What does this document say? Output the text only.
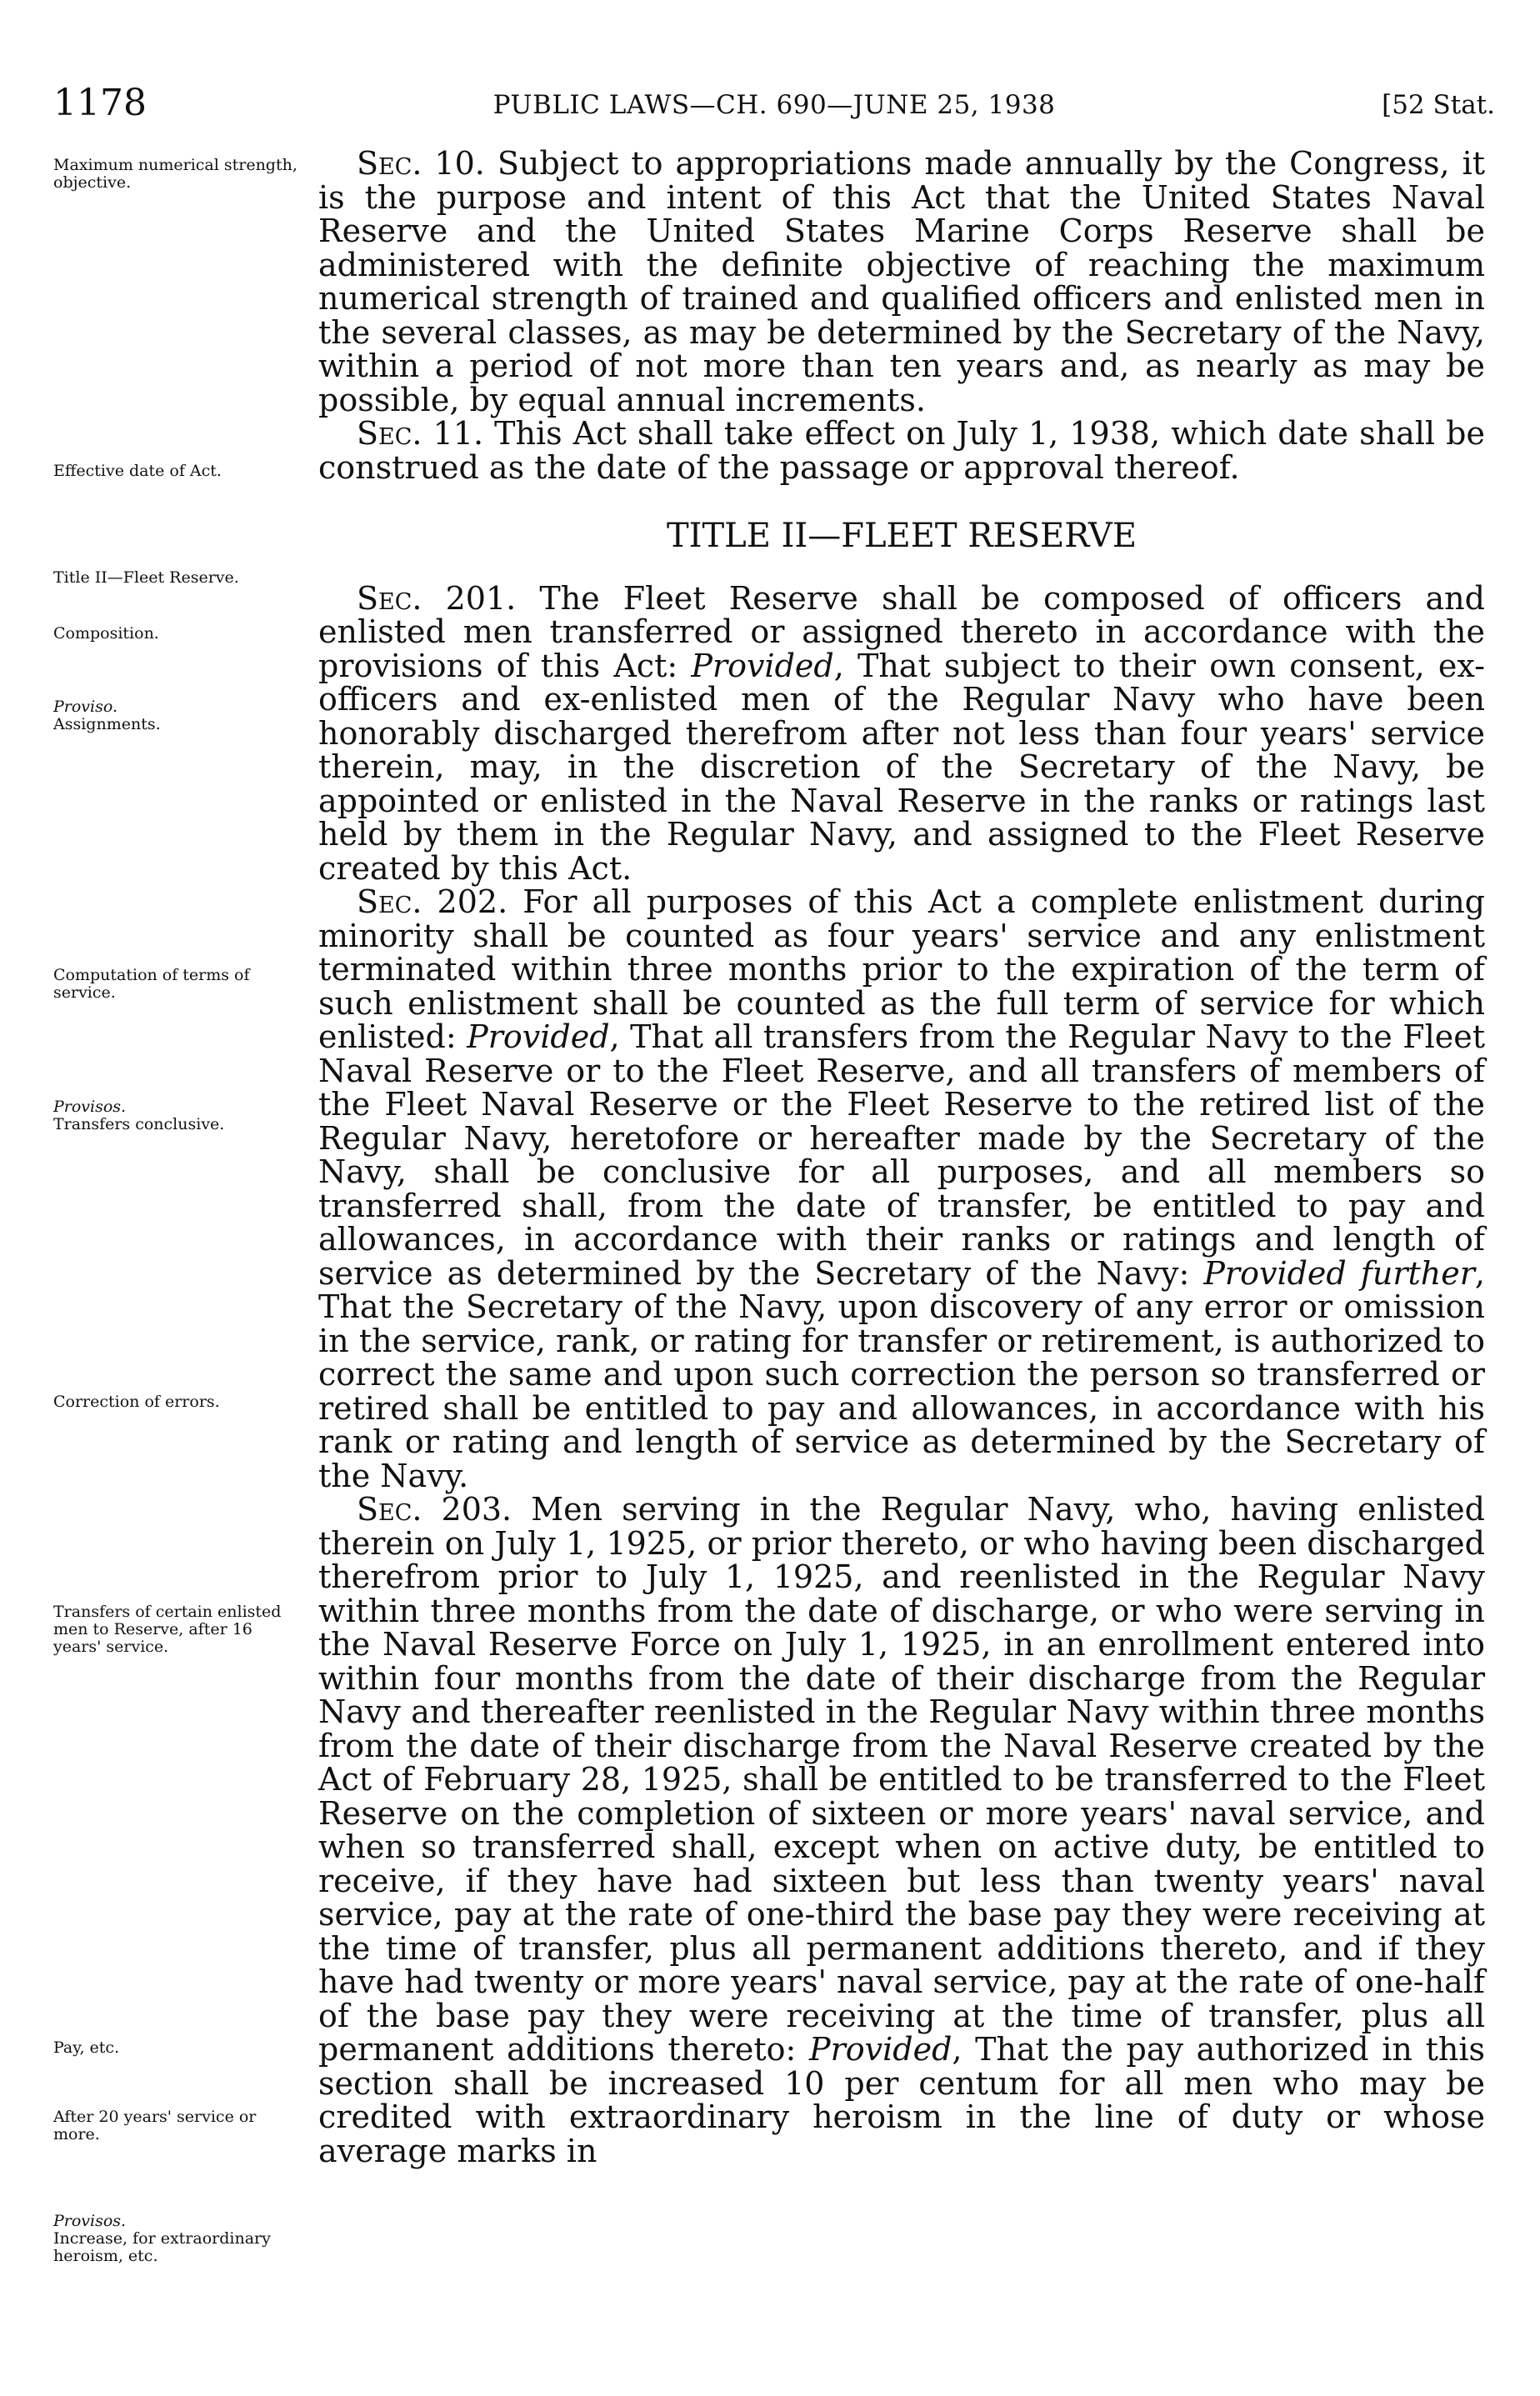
1178	PUBLIC LAWS—CH. 690—JUNE 25, 1938	[52 Stat.
Maximum numerical strength, objective.
Effective date of Act.
Title II—Fleet Reserve.
Composition.
Proviso.
Assignments.
Computation of terms of service.
Provisos.
Transfers conclusive.
Correction of errors.
Transfers of certain enlisted men to Reserve, after 16 years' service.
Pay, etc.
After 20 years' service or more.
Provisos.
Increase, for extraordinary heroism, etc.

Sec. 10. Subject to appropriations made annually by the Congress, it is the purpose and intent of this Act that the United States Naval Reserve and the United States Marine Corps Reserve shall be administered with the definite objective of reaching the maximum numerical strength of trained and qualified officers and enlisted men in the several classes, as may be determined by the Secretary of the Navy, within a period of not more than ten years and, as nearly as may be possible, by equal annual increments.

Sec. 11. This Act shall take effect on July 1, 1938, which date shall be construed as the date of the passage or approval thereof.

TITLE II—FLEET RESERVE

Sec. 201. The Fleet Reserve shall be composed of officers and enlisted men transferred or assigned thereto in accordance with the provisions of this Act: Provided, That subject to their own consent, ex-officers and ex-enlisted men of the Regular Navy who have been honorably discharged therefrom after not less than four years' service therein, may, in the discretion of the Secretary of the Navy, be appointed or enlisted in the Naval Reserve in the ranks or ratings last held by them in the Regular Navy, and assigned to the Fleet Reserve created by this Act.

Sec. 202. For all purposes of this Act a complete enlistment during minority shall be counted as four years' service and any enlistment terminated within three months prior to the expiration of the term of such enlistment shall be counted as the full term of service for which enlisted: Provided, That all transfers from the Regular Navy to the Fleet Naval Reserve or to the Fleet Reserve, and all transfers of members of the Fleet Naval Reserve or the Fleet Reserve to the retired list of the Regular Navy, heretofore or hereafter made by the Secretary of the Navy, shall be conclusive for all purposes, and all members so transferred shall, from the date of transfer, be entitled to pay and allowances, in accordance with their ranks or ratings and length of service as determined by the Secretary of the Navy: Provided further, That the Secretary of the Navy, upon discovery of any error or omission in the service, rank, or rating for transfer or retirement, is authorized to correct the same and upon such correction the person so transferred or retired shall be entitled to pay and allowances, in accordance with his rank or rating and length of service as determined by the Secretary of the Navy.

Sec. 203. Men serving in the Regular Navy, who, having enlisted therein on July 1, 1925, or prior thereto, or who having been discharged therefrom prior to July 1, 1925, and reenlisted in the Regular Navy within three months from the date of discharge, or who were serving in the Naval Reserve Force on July 1, 1925, in an enrollment entered into within four months from the date of their discharge from the Regular Navy and thereafter reenlisted in the Regular Navy within three months from the date of their discharge from the Naval Reserve created by the Act of February 28, 1925, shall be entitled to be transferred to the Fleet Reserve on the completion of sixteen or more years' naval service, and when so transferred shall, except when on active duty, be entitled to receive, if they have had sixteen but less than twenty years' naval service, pay at the rate of one-third the base pay they were receiving at the time of transfer, plus all permanent additions thereto, and if they have had twenty or more years' naval service, pay at the rate of one-half of the base pay they were receiving at the time of transfer, plus all permanent additions thereto: Provided, That the pay authorized in this section shall be increased 10 per centum for all men who may be credited with extraordinary heroism in the line of duty or whose average marks in
